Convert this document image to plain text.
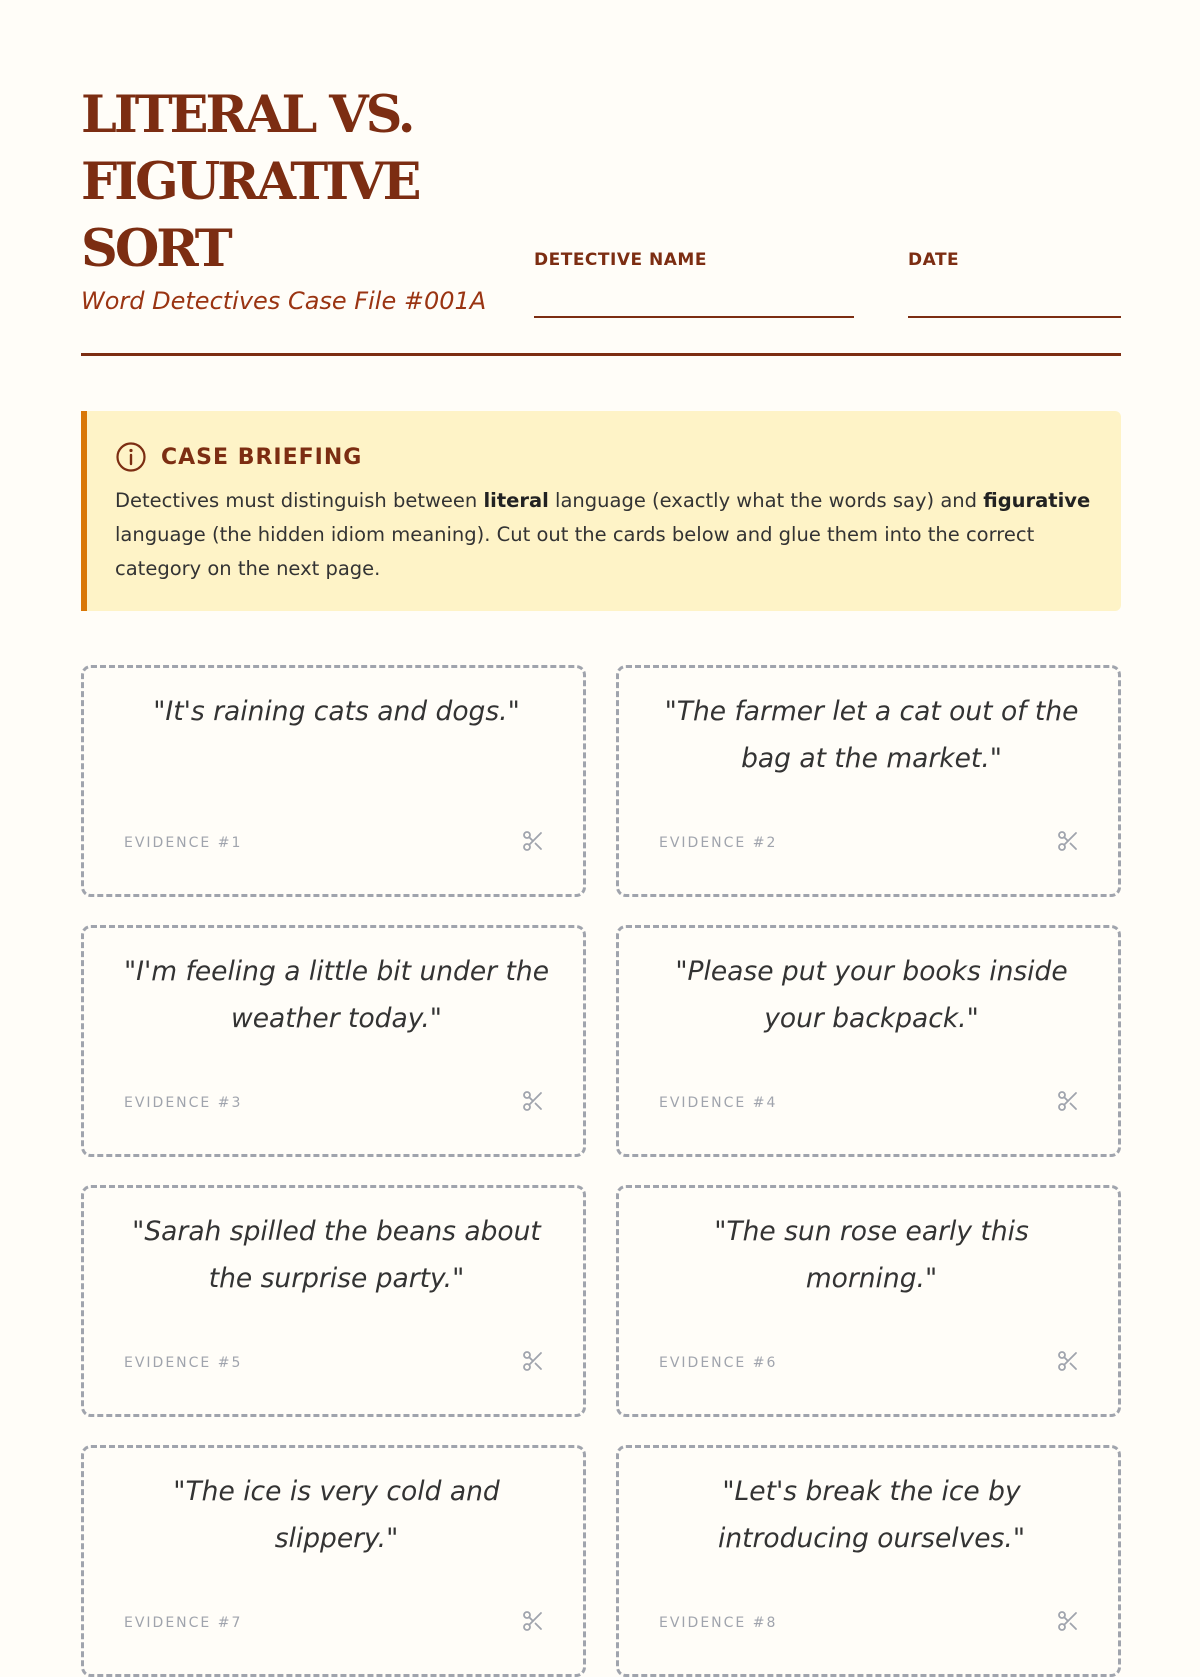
LITERAL VS. FIGURATIVE SORT
Word Detectives Case File #001A
DETECTIVE NAME	DATE
CASE BRIEFING

Detectives must distinguish between literal language (exactly what the words say) and figurative language (the hidden idiom meaning). Cut out the cards below and glue them into the correct category on the next page.

"It's raining cats and dogs."

EVIDENCE #1

"The farmer let a cat out of the bag at the market."

EVIDENCE #2

"I'm feeling a little bit under the weather today."

EVIDENCE #3

"Please put your books inside your backpack."

EVIDENCE #4

"Sarah spilled the beans about the surprise party."

EVIDENCE #5

"The sun rose early this morning."

EVIDENCE #6

"The ice is very cold and slippery."

EVIDENCE #7

"Let's break the ice by introducing ourselves."

EVIDENCE #8
